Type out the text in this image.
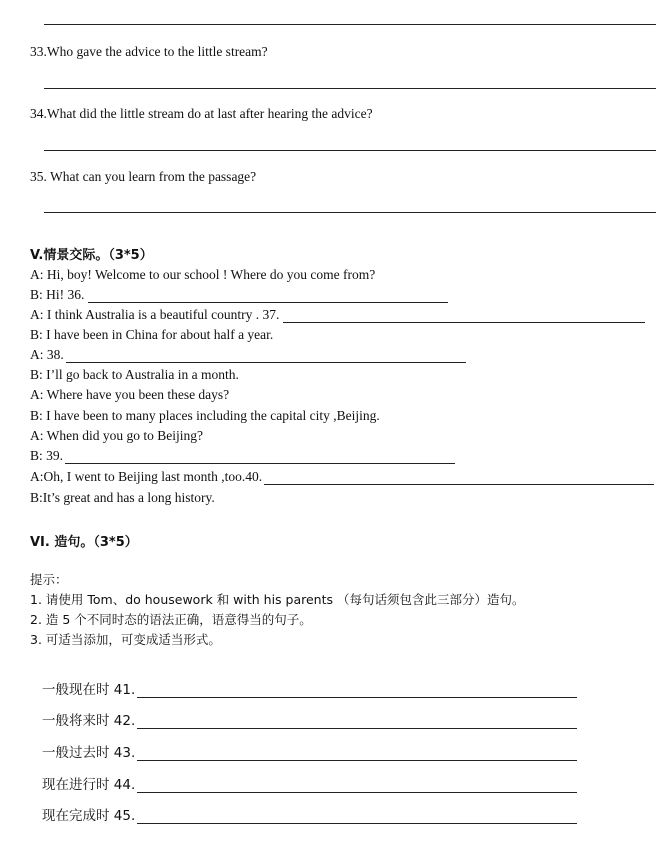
33.Who gave the advice to the little stream?
34.What did the little stream do at last after hearing the advice?
35. What can you learn from the passage?
V.情景交际。（3*5）
A: Hi, boy! Welcome to our school ! Where do you come from?
B: Hi! 36.
A: I think Australia is a beautiful country . 37.
B: I have been in China for about half a year.
A: 38.
B: I’ll go back to Australia in a month.
A: Where have you been these days?
B: I have been to many places including the capital city ,Beijing.
A: When did you go to Beijing?
B: 39.
A:Oh, I went to Beijing last month ,too.40.
B:It’s great and has a long history.
VI. 造句。（3*5）
提示：
1. 请使用 Tom、do housework 和 with his parents （每句话须包含此三部分）造句。
2. 造 5 个不同时态的语法正确，语意得当的句子。
3. 可适当添加，可变成适当形式。
一般现在时 41.
一般将来时 42.
一般过去时 43.
现在进行时 44.
现在完成时 45.
